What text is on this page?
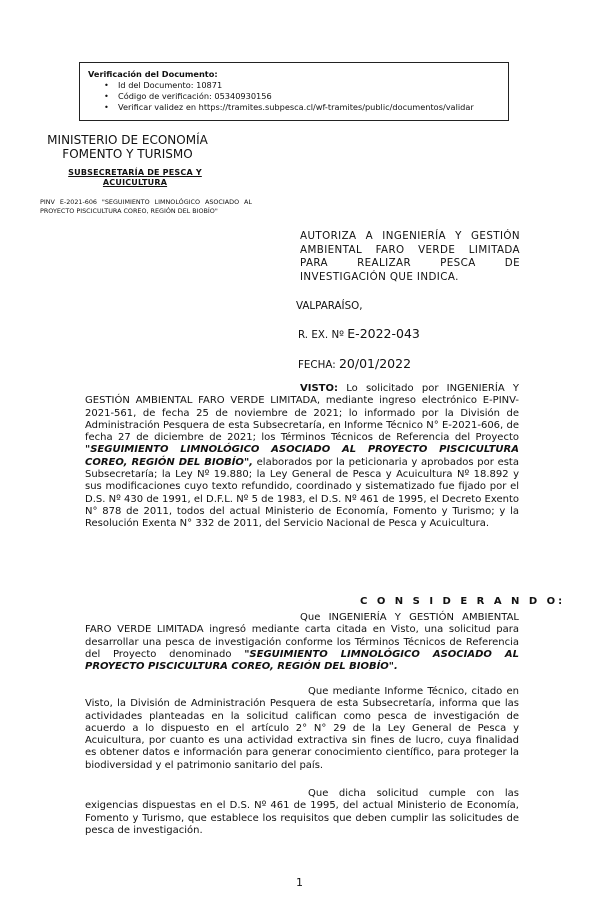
Verificación del Documento:
• Id del Documento: 10871
• Código de verificación: 05340930156
• Verificar validez en https://tramites.subpesca.cl/wf-tramites/public/documentos/validar
MINISTERIO DE ECONOMÍA
FOMENTO Y TURISMO
SUBSECRETARÍA DE PESCA Y ACUICULTURA
PINV E-2021-606 "SEGUIMIENTO LIMNOLÓGICO ASOCIADO AL PROYECTO PISCICULTURA COREO, REGIÓN DEL BIOBÍO"
AUTORIZA A INGENIERÍA Y GESTIÓN AMBIENTAL FARO VERDE LIMITADA PARA REALIZAR PESCA DE INVESTIGACIÓN QUE INDICA.
VALPARAÍSO,
R. EX. Nº E-2022-043
FECHA: 20/01/2022
VISTO: Lo solicitado por INGENIERÍA Y GESTIÓN AMBIENTAL FARO VERDE LIMITADA, mediante ingreso electrónico E-PINV-2021-561, de fecha 25 de noviembre de 2021; lo informado por la División de Administración Pesquera de esta Subsecretaría, en Informe Técnico N° E-2021-606, de fecha 27 de diciembre de 2021; los Términos Técnicos de Referencia del Proyecto "SEGUIMIENTO LIMNOLÓGICO ASOCIADO AL PROYECTO PISCICULTURA COREO, REGIÓN DEL BIOBÍO", elaborados por la peticionaria y aprobados por esta Subsecretaría; la Ley Nº 19.880; la Ley General de Pesca y Acuicultura Nº 18.892 y sus modificaciones cuyo texto refundido, coordinado y sistematizado fue fijado por el D.S. Nº 430 de 1991, el D.F.L. Nº 5 de 1983, el D.S. Nº 461 de 1995, el Decreto Exento N° 878 de 2011, todos del actual Ministerio de Economía, Fomento y Turismo; y la Resolución Exenta N° 332 de 2011, del Servicio Nacional de Pesca y Acuicultura.
C O N S I D E R A N D O:
Que INGENIERÍA Y GESTIÓN AMBIENTAL FARO VERDE LIMITADA ingresó mediante carta citada en Visto, una solicitud para desarrollar una pesca de investigación conforme los Términos Técnicos de Referencia del Proyecto denominado "SEGUIMIENTO LIMNOLÓGICO ASOCIADO AL PROYECTO PISCICULTURA COREO, REGIÓN DEL BIOBÍO".
Que mediante Informe Técnico, citado en Visto, la División de Administración Pesquera de esta Subsecretaría, informa que las actividades planteadas en la solicitud califican como pesca de investigación de acuerdo a lo dispuesto en el artículo 2° N° 29 de la Ley General de Pesca y Acuicultura, por cuanto es una actividad extractiva sin fines de lucro, cuya finalidad es obtener datos e información para generar conocimiento científico, para proteger la biodiversidad y el patrimonio sanitario del país.
Que dicha solicitud cumple con las exigencias dispuestas en el D.S. Nº 461 de 1995, del actual Ministerio de Economía, Fomento y Turismo, que establece los requisitos que deben cumplir las solicitudes de pesca de investigación.
1
